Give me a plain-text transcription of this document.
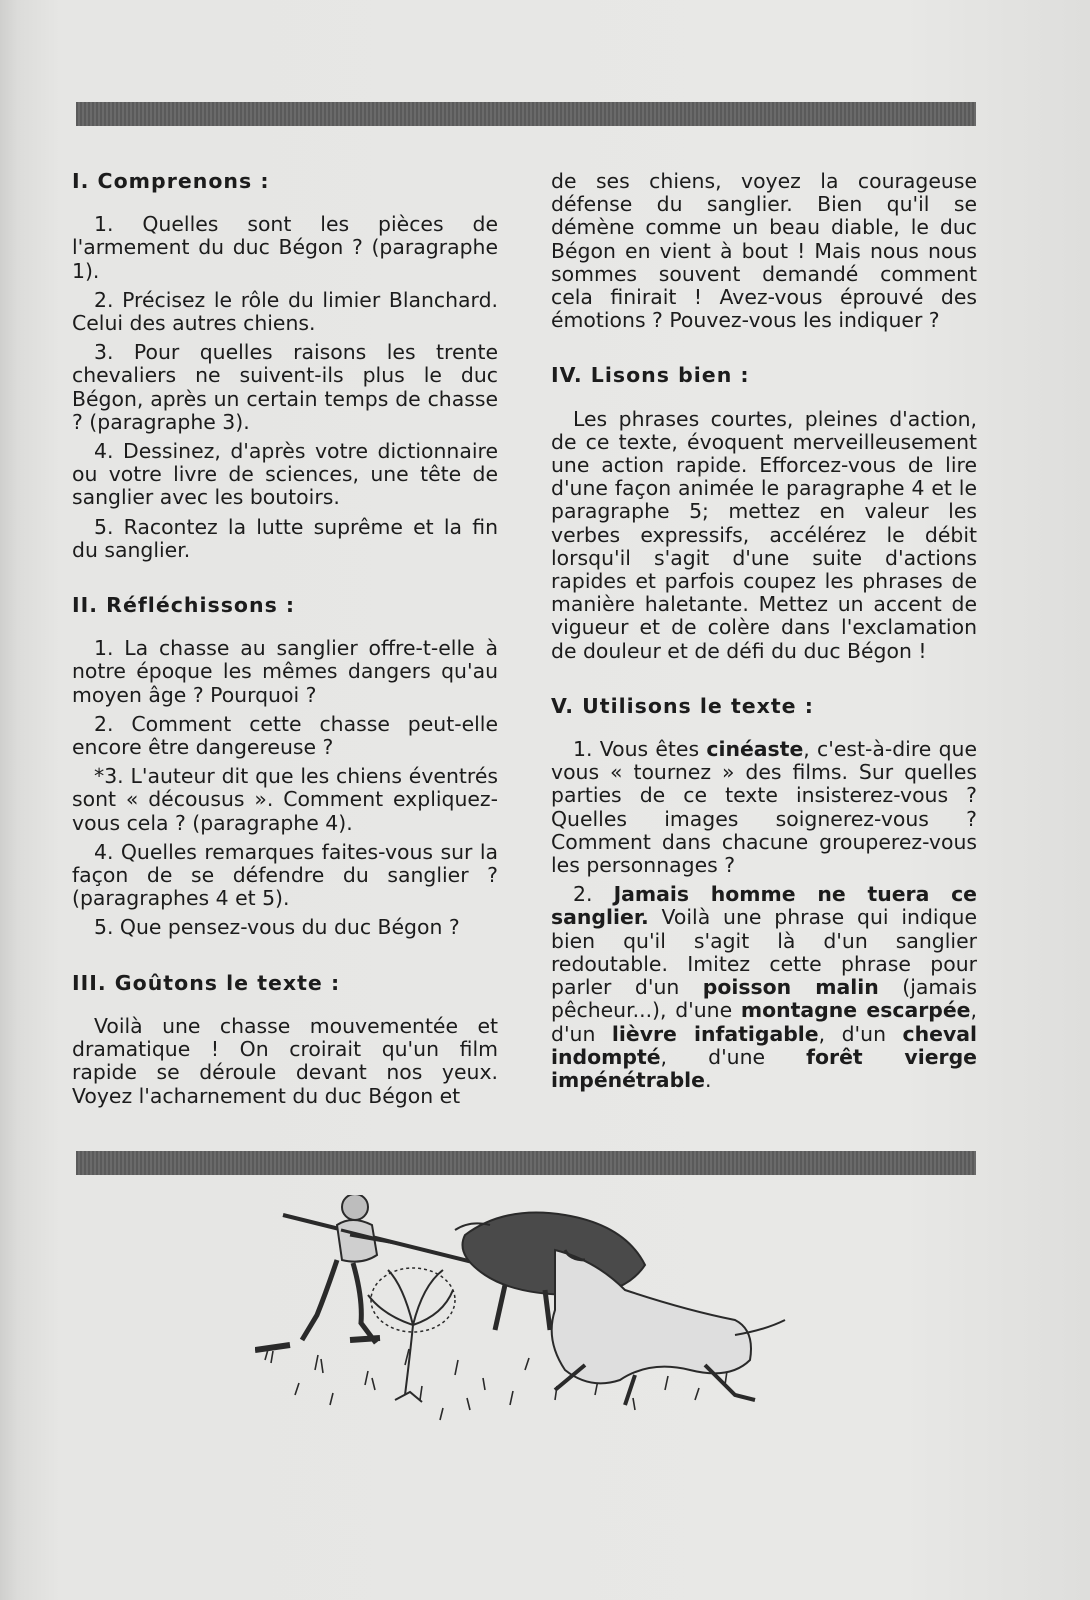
I. Comprenons :

1. Quelles sont les pièces de l'armement du duc Bégon ? (paragraphe 1).

2. Précisez le rôle du limier Blanchard. Celui des autres chiens.

3. Pour quelles raisons les trente chevaliers ne suivent-ils plus le duc Bégon, après un certain temps de chasse ? (paragraphe 3).

4. Dessinez, d'après votre dictionnaire ou votre livre de sciences, une tête de sanglier avec les boutoirs.

5. Racontez la lutte suprême et la fin du sanglier.

II. Réfléchissons :

1. La chasse au sanglier offre-t-elle à notre époque les mêmes dangers qu'au moyen âge ? Pourquoi ?

2. Comment cette chasse peut-elle encore être dangereuse ?

*3. L'auteur dit que les chiens éventrés sont « décousus ». Comment expliquez-vous cela ? (paragraphe 4).

4. Quelles remarques faites-vous sur la façon de se défendre du sanglier ? (paragraphes 4 et 5).

5. Que pensez-vous du duc Bégon ?

III. Goûtons le texte :

Voilà une chasse mouvementée et dramatique ! On croirait qu'un film rapide se déroule devant nos yeux. Voyez l'acharnement du duc Bégon et

de ses chiens, voyez la courageuse défense du sanglier. Bien qu'il se démène comme un beau diable, le duc Bégon en vient à bout ! Mais nous nous sommes souvent demandé comment cela finirait ! Avez-vous éprouvé des émotions ? Pouvez-vous les indiquer ?

IV. Lisons bien :

Les phrases courtes, pleines d'action, de ce texte, évoquent merveilleusement une action rapide. Efforcez-vous de lire d'une façon animée le paragraphe 4 et le paragraphe 5; mettez en valeur les verbes expressifs, accélérez le débit lorsqu'il s'agit d'une suite d'actions rapides et parfois coupez les phrases de manière haletante. Mettez un accent de vigueur et de colère dans l'exclamation de douleur et de défi du duc Bégon !

V. Utilisons le texte :

1. Vous êtes cinéaste, c'est-à-dire que vous « tournez » des films. Sur quelles parties de ce texte insisterez-vous ? Quelles images soignerez-vous ? Comment dans chacune grouperez-vous les personnages ?

2. Jamais homme ne tuera ce sanglier. Voilà une phrase qui indique bien qu'il s'agit là d'un sanglier redoutable. Imitez cette phrase pour parler d'un poisson malin (jamais pêcheur...), d'une montagne escarpée, d'un lièvre infatigable, d'un cheval indompté, d'une forêt vierge impénétrable.
